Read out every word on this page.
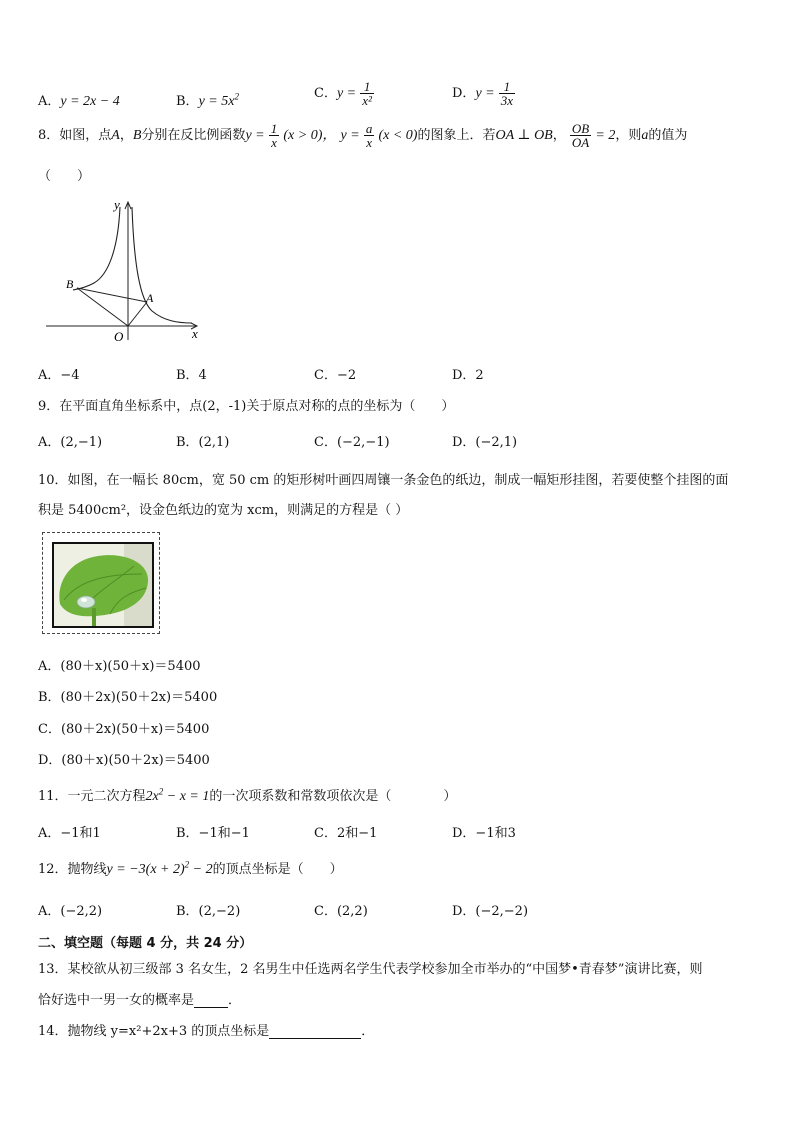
A．y = 2x − 4	B．$y = 5x^2$	C．$y = \frac{1}{\text{x²}}$	D．$y = \frac{1}{3x}$
8．如图，点A，B分别在反比例函数$y = \frac{1}{x} (x > 0)$， $y = \frac{a}{x} (x < 0)$的图象上．若OA ⊥ OB， $\frac{OB}{OA} = 2$，则a的值为
（　　）
y
x
O
A
B
A．−4	B．4	C．−2	D．2
9．在平面直角坐标系中，点(2，-1)关于原点对称的点的坐标为（　　）
A．(2,−1)	B．(2,1)	C．(−2,−1)	D．(−2,1)
10．如图，在一幅长 80cm，宽 50 cm 的矩形树叶画四周镶一条金色的纸边，制成一幅矩形挂图，若要使整个挂图的面
积是 5400cm²，设金色纸边的宽为 xcm，则满足的方程是（ ）
A．(80＋x)(50＋x)＝5400
B．(80＋2x)(50＋2x)＝5400
C．(80＋2x)(50＋x)＝5400
D．(80＋x)(50＋2x)＝5400
11．一元二次方程$2x^2 - x = 1$的一次项系数和常数项依次是（　　　　）
A．−1和1	B．−1和−1	C．2和−1	D．−1和3
12．抛物线$y = -3(x + 2)^2 - 2$的顶点坐标是（　　）
A．(−2,2)	B．(2,−2)	C．(2,2)	D．(−2,−2)
二、填空题（每题 4 分，共 24 分）
13．某校欲从初三级部 3 名女生，2 名男生中任选两名学生代表学校参加全市举办的“中国梦•青春梦”演讲比赛，则
恰好选中一男一女的概率是	．
14．抛物线 y=x²+2x+3 的顶点坐标是	．
